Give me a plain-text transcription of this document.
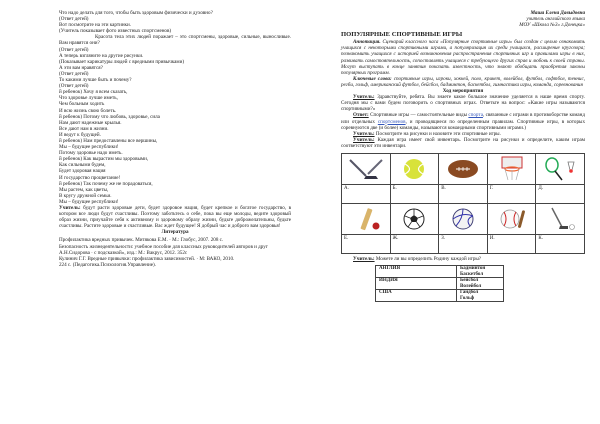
Что надо делать для того, чтобы быть здоровым физически и духовно?
(Ответ детей)
Вот посмотрите на эти картинки.
(Учитель показывает фото известных спортсменов)
Красота тела этих людей поражает – это спортсмены, здоровые, сильные, выносливые. Вам нравятся они?
(Ответ детей)
А теперь взгляните на другие рисунки.
(Показывает карикатуры людей с вредными привычками)
А эти вам нравятся?
(Ответ детей)
То какими лучше быть и почему?
(Ответ детей)
й ребенок) Хочу я всем сказать,
Что здоровье лучше иметь,
Чем больным ходить
И всю жизнь свою болеть.
й ребенок) Потому что любовь, здоровье, сила
Нам дают надежные крылья.
Все дают нам в жизни.
И ведут к будущей.
й ребенок) Нам предоставлены все вершины,
Мы – будущее республики!
Потому здоровье надо иметь.
й ребенок) Как вырастим мы здоровыми,
Как сильными будем,
Будет здоровая нация
И государство процветание!
й ребенок) Так почему же не порадоваться,
Мы растем, как цветы,
В кругу дружной семьи.
Мы – будущее республики!
Учитель: будут расти здоровые дети, будет здоровое нация, будет крепкое и богатое государство, в котором все люди будут счастливы. Поэтому заботьтесь о себе, пока вы еще молоды, ведите здоровый образ жизни, приучайте себя к активному и здоровому образу жизни, будьте доброжелательны, будьте счастливы. Растите здоровые и счастливые. Вас ждет будущее! Я добрый час и доброго вам здоровья!
Литература
Профилактика вредных привычек. Митякова Е.М. · М.: Глобус, 2007. 208 с.
Безопасность жизнедеятельности: учебное пособие для классных руководителей авторов и друг
А.Н.Сидорова · с подсказкой», изд.: М.: Вакрус, 2012. 352с
Кулинич Г.Г. Вредные привычки: профилактика зависимостей. · М: ВАКО, 2010.
224 с. (Педагогика.Психология.Управление).
Маша Елена Давыдовна
учитель английского языка
МОУ «Школа №3» г.Донецка»
ПОПУЛЯРНЫЕ СПОРТИВНЫЕ ИГРЫ
Аннотация. Сценарий классного часа «Популярные спортивные игры» был создан с целью ознакомить учащихся с некоторыми спортивными играми, а популяризация их среди учащихся, расширение кругозора; познакомить учащихся с историей возникновения распространения спортивных игр и правилами игры в них, развивать самостоятельность, сопоставлять учащиеся с требующего других справ и любовь к своей страны. Могут выступать в конце занятия показать известность, что знают обобщать приобретая законы популярных программ.
Ключевые слова: спортивные игры, игроки, хоккей, поло, крикет, волейбол, футбол, софтбол, теннис, регби, гольф, американский футбол, бейсбол, бадминтон, баскетбол, гимнастика игры, команда, соревнования
Ход мероприятия
Учитель: Здравствуйте, ребята. Вы знаете какое большое значение уделяется в наше время спорту. Сегодня мы с вами будем поговорить о спортивных играх. Ответьте на вопрос: «Какие игры называются спортивными?»
Ответ: Спортивные игры — самостоятельные виды спорта, связанные с играми в противоборстве команд или отдельных спортсменов, и проводящиеся по определенным правилам. Спортивные игры, в которых соревнуются две (и более) команды, называются командными спортивными играми.)
Учитель: Посмотрите на рисунки и назовите эти спортивные игры.
Учитель: Каждая игра имеет свой инвентарь. Посмотрите на рисунки и определите, каким играм соответствуют эти инвентари.

А.	Б.	В.	Г.	Д.

Е.	Ж.	З.	И.	К.
Учитель: Можете ли вы определить Родину каждой игры?
АНГЛИЯ	Бадминтон
Баскетбол

ИНДИЯ	Бейсбол
Волейбол

США	Гандбол
Гольф
